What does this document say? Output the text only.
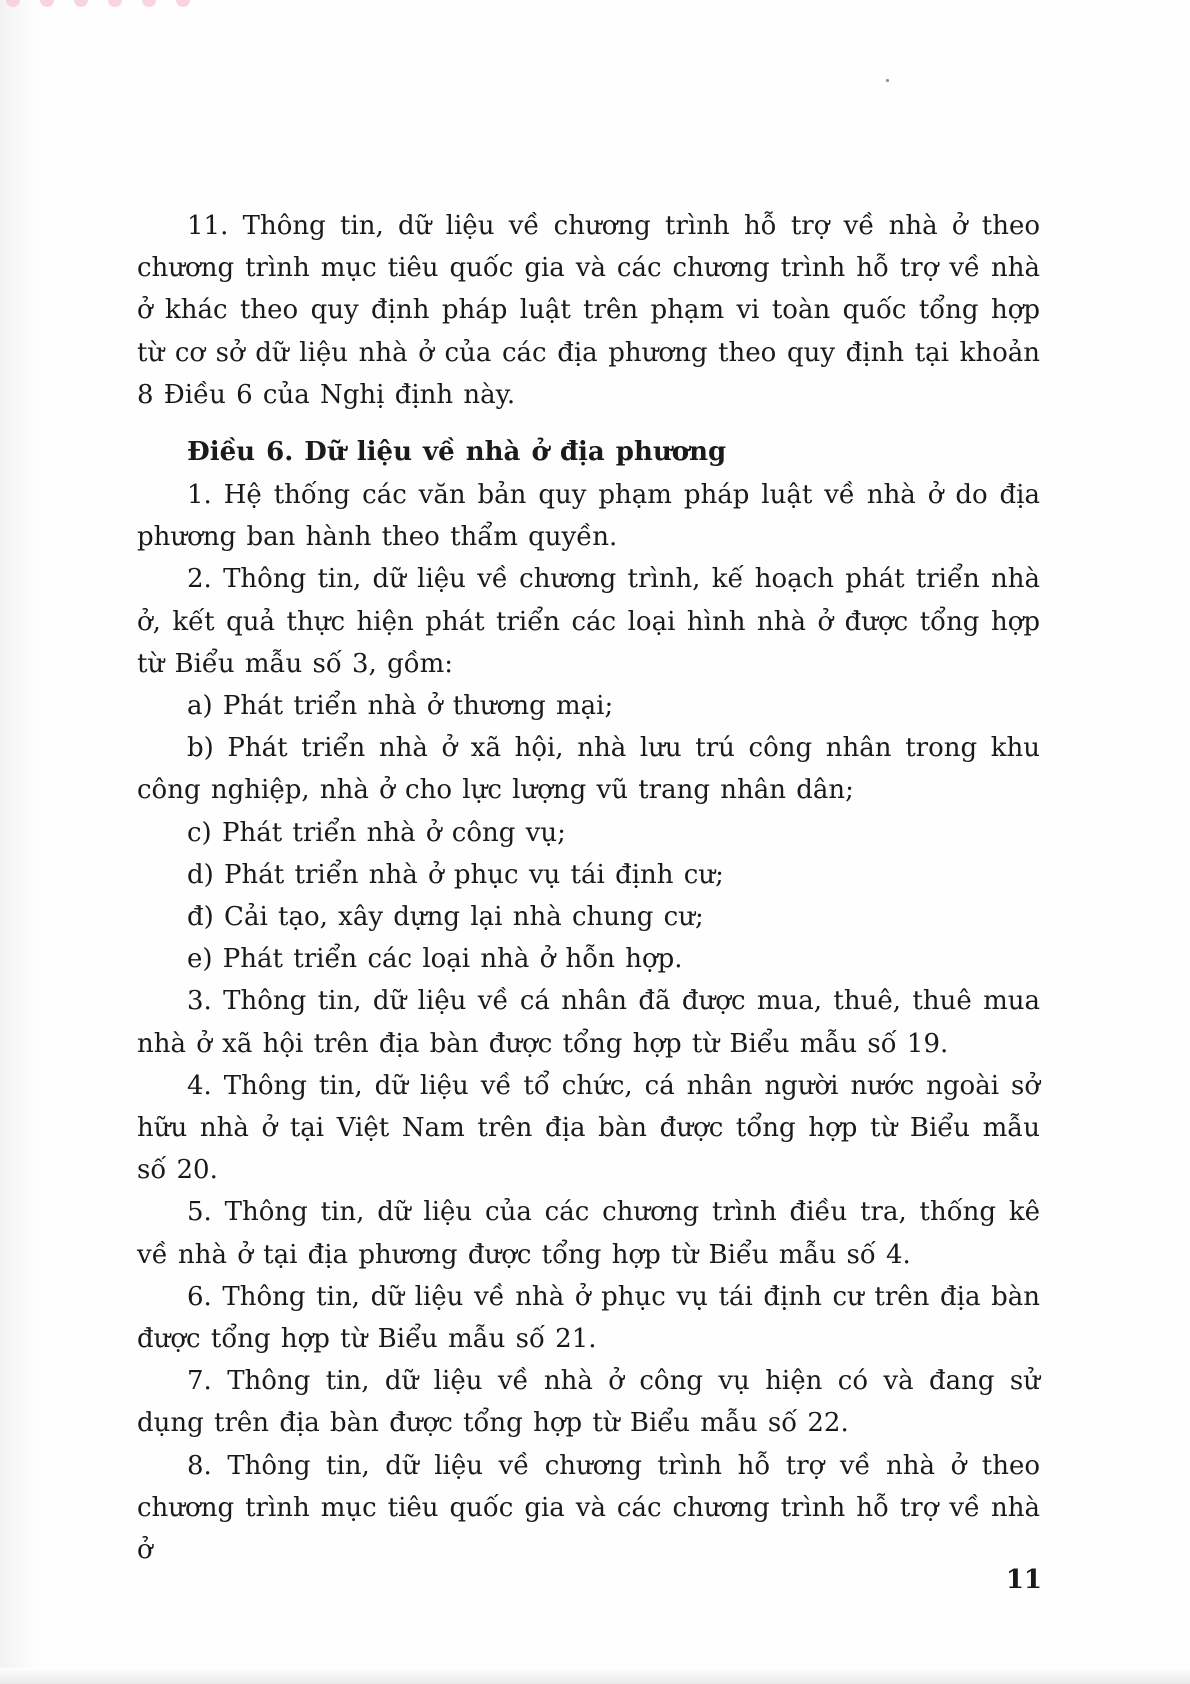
11. Thông tin, dữ liệu về chương trình hỗ trợ về nhà ở theo chương trình mục tiêu quốc gia và các chương trình hỗ trợ về nhà ở khác theo quy định pháp luật trên phạm vi toàn quốc tổng hợp từ cơ sở dữ liệu nhà ở của các địa phương theo quy định tại khoản 8 Điều 6 của Nghị định này.

Điều 6. Dữ liệu về nhà ở địa phương

1. Hệ thống các văn bản quy phạm pháp luật về nhà ở do địa phương ban hành theo thẩm quyền.

2. Thông tin, dữ liệu về chương trình, kế hoạch phát triển nhà ở, kết quả thực hiện phát triển các loại hình nhà ở được tổng hợp từ Biểu mẫu số 3, gồm:

a) Phát triển nhà ở thương mại;

b) Phát triển nhà ở xã hội, nhà lưu trú công nhân trong khu công nghiệp, nhà ở cho lực lượng vũ trang nhân dân;

c) Phát triển nhà ở công vụ;

d) Phát triển nhà ở phục vụ tái định cư;

đ) Cải tạo, xây dựng lại nhà chung cư;

e) Phát triển các loại nhà ở hỗn hợp.

3. Thông tin, dữ liệu về cá nhân đã được mua, thuê, thuê mua nhà ở xã hội trên địa bàn được tổng hợp từ Biểu mẫu số 19.

4. Thông tin, dữ liệu về tổ chức, cá nhân người nước ngoài sở hữu nhà ở tại Việt Nam trên địa bàn được tổng hợp từ Biểu mẫu số 20.

5. Thông tin, dữ liệu của các chương trình điều tra, thống kê về nhà ở tại địa phương được tổng hợp từ Biểu mẫu số 4.

6. Thông tin, dữ liệu về nhà ở phục vụ tái định cư trên địa bàn được tổng hợp từ Biểu mẫu số 21.

7. Thông tin, dữ liệu về nhà ở công vụ hiện có và đang sử dụng trên địa bàn được tổng hợp từ Biểu mẫu số 22.

8. Thông tin, dữ liệu về chương trình hỗ trợ về nhà ở theo chương trình mục tiêu quốc gia và các chương trình hỗ trợ về nhà ở

11
